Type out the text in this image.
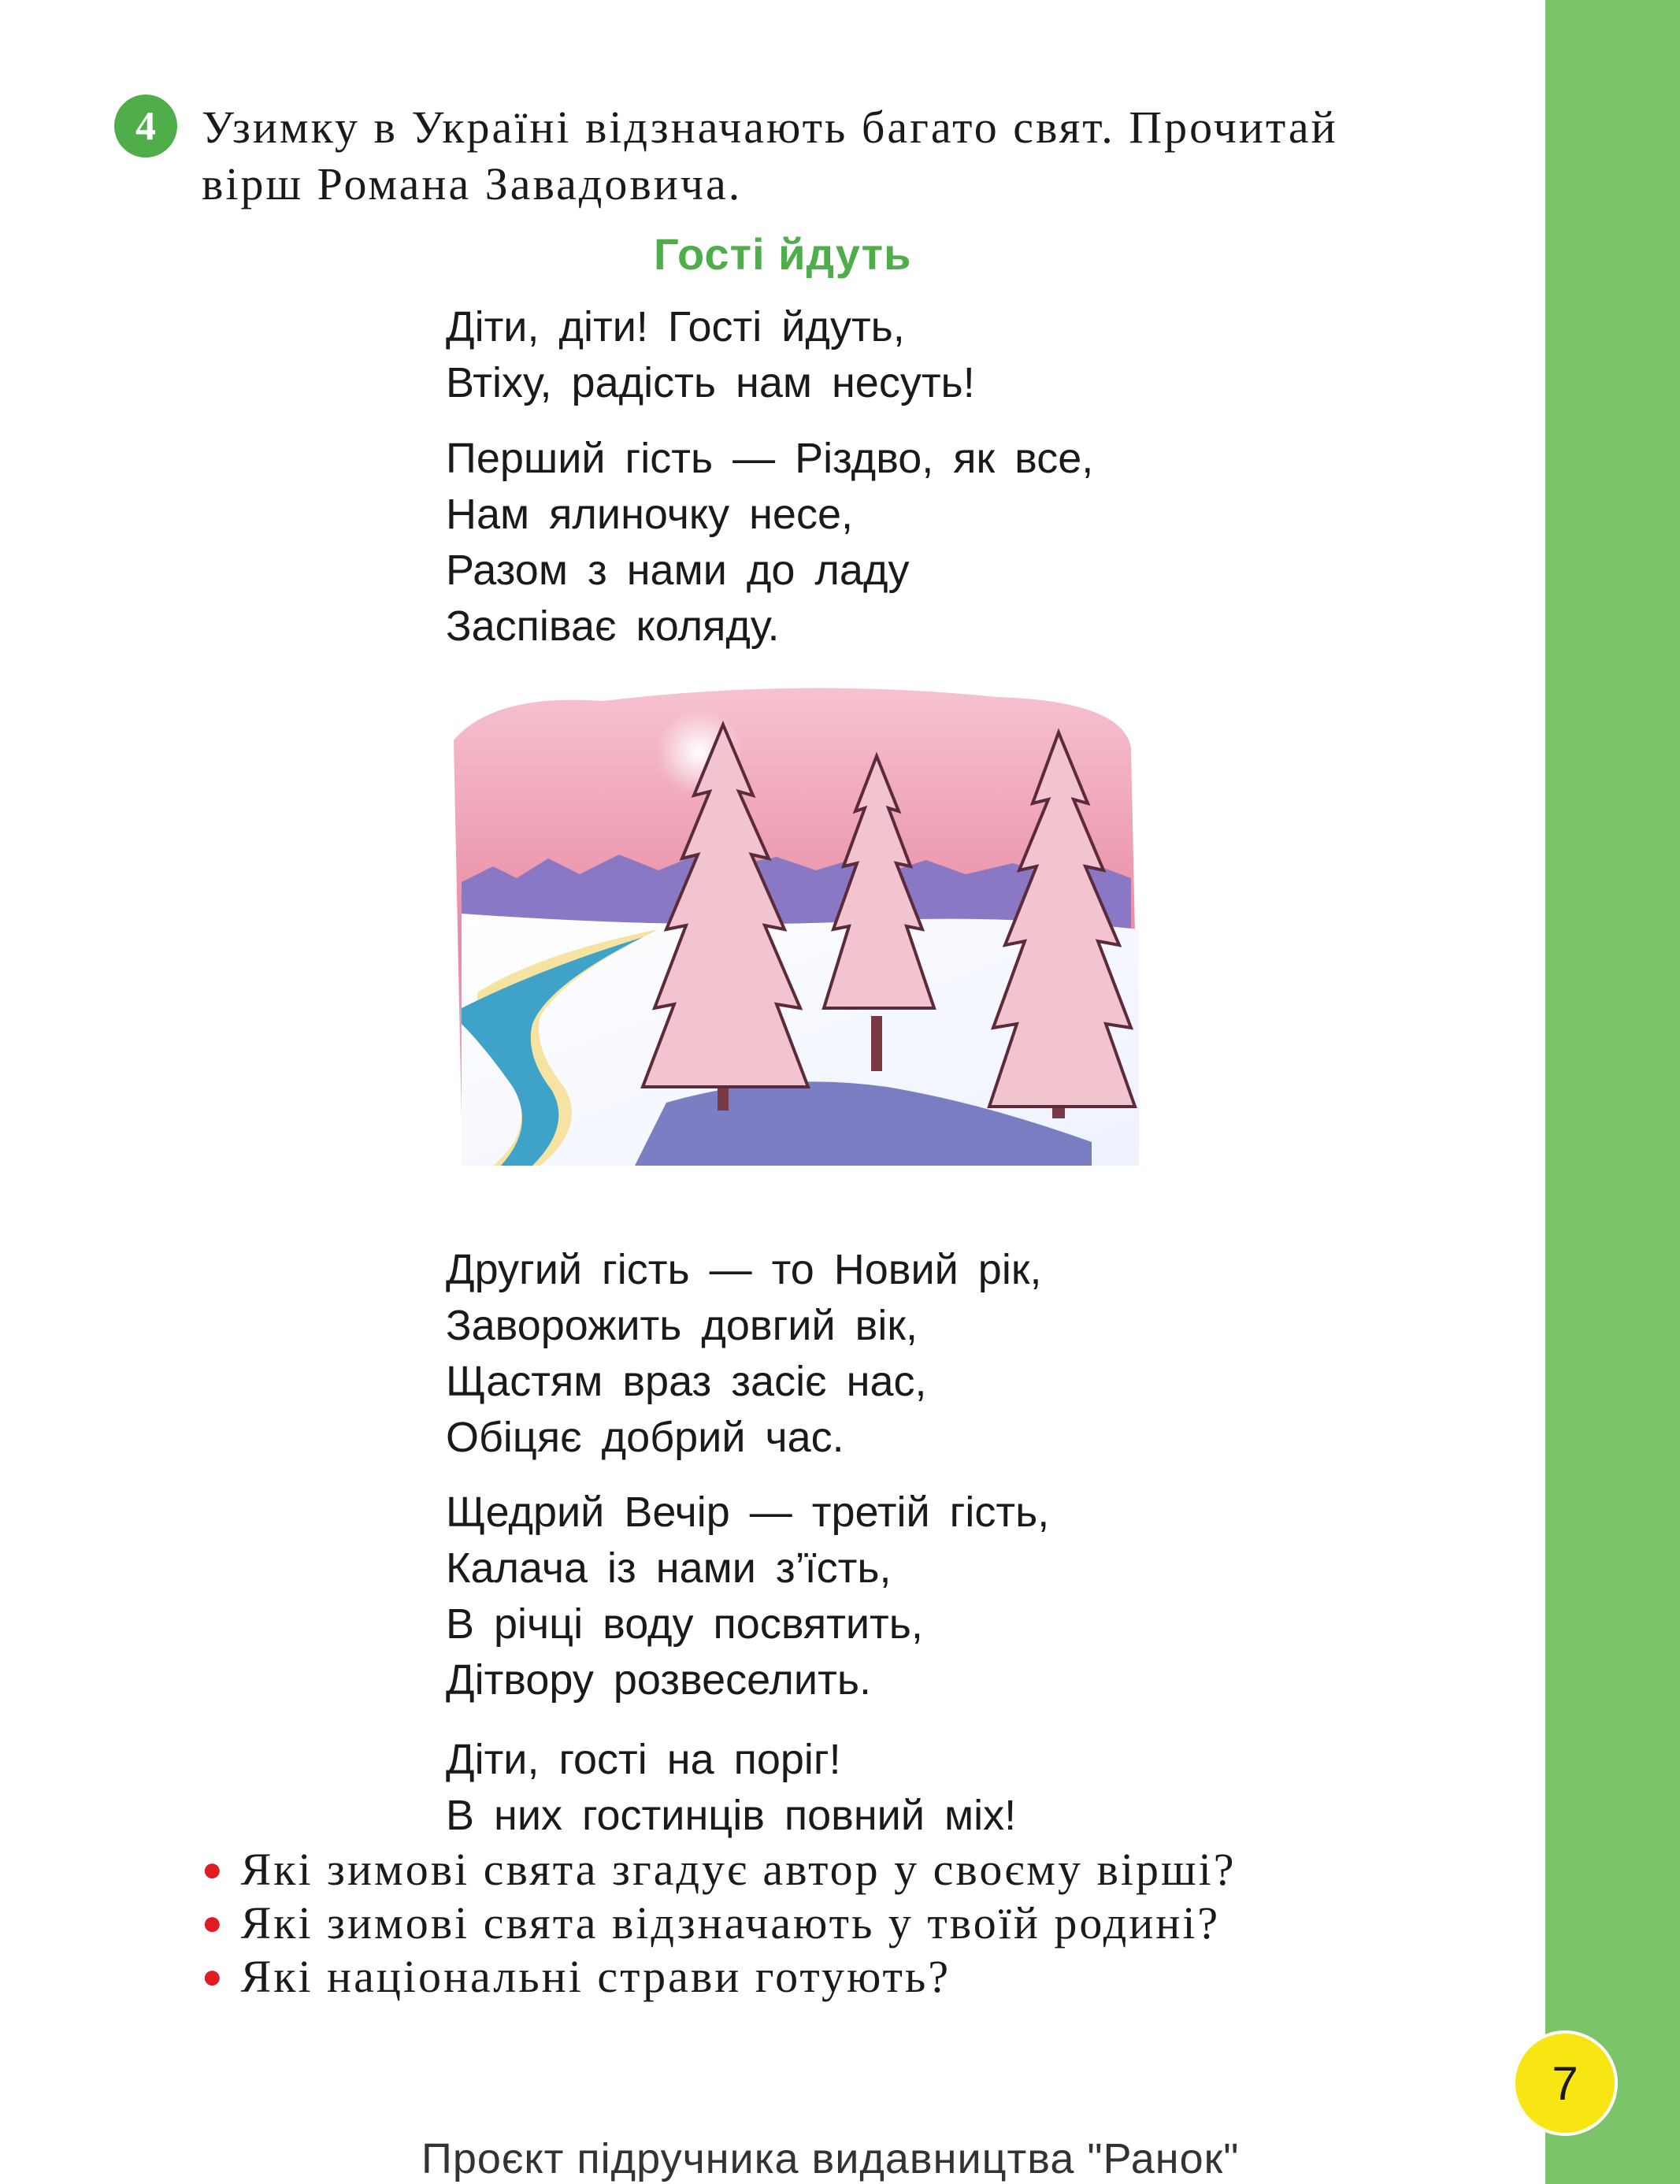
4	Узимку в Україні відзначають багато свят. Прочитай
вірш Романа Завадовича.
Гості йдуть
Діти, діти! Гості йдуть,
Втіху, радість нам несуть!
Перший гість — Різдво, як все,
Нам ялиночку несе,
Разом з нами до ладу
Заспіває коляду.
Другий гість — то Новий рік,
Заворожить довгий вік,
Щастям враз засіє нас,
Обіцяє добрий час.
Щедрий Вечір — третій гість,
Калача із нами з’їсть,
В річці воду посвятить,
Дітвору розвеселить.
Діти, гості на поріг!
В них гостинців повний міх!
● Які зимові свята згадує автор у своєму вірші?
● Які зимові свята відзначають у твоїй родині?
● Які національні страви готують?
7
Проєкт підручника видавництва "Ранок"
